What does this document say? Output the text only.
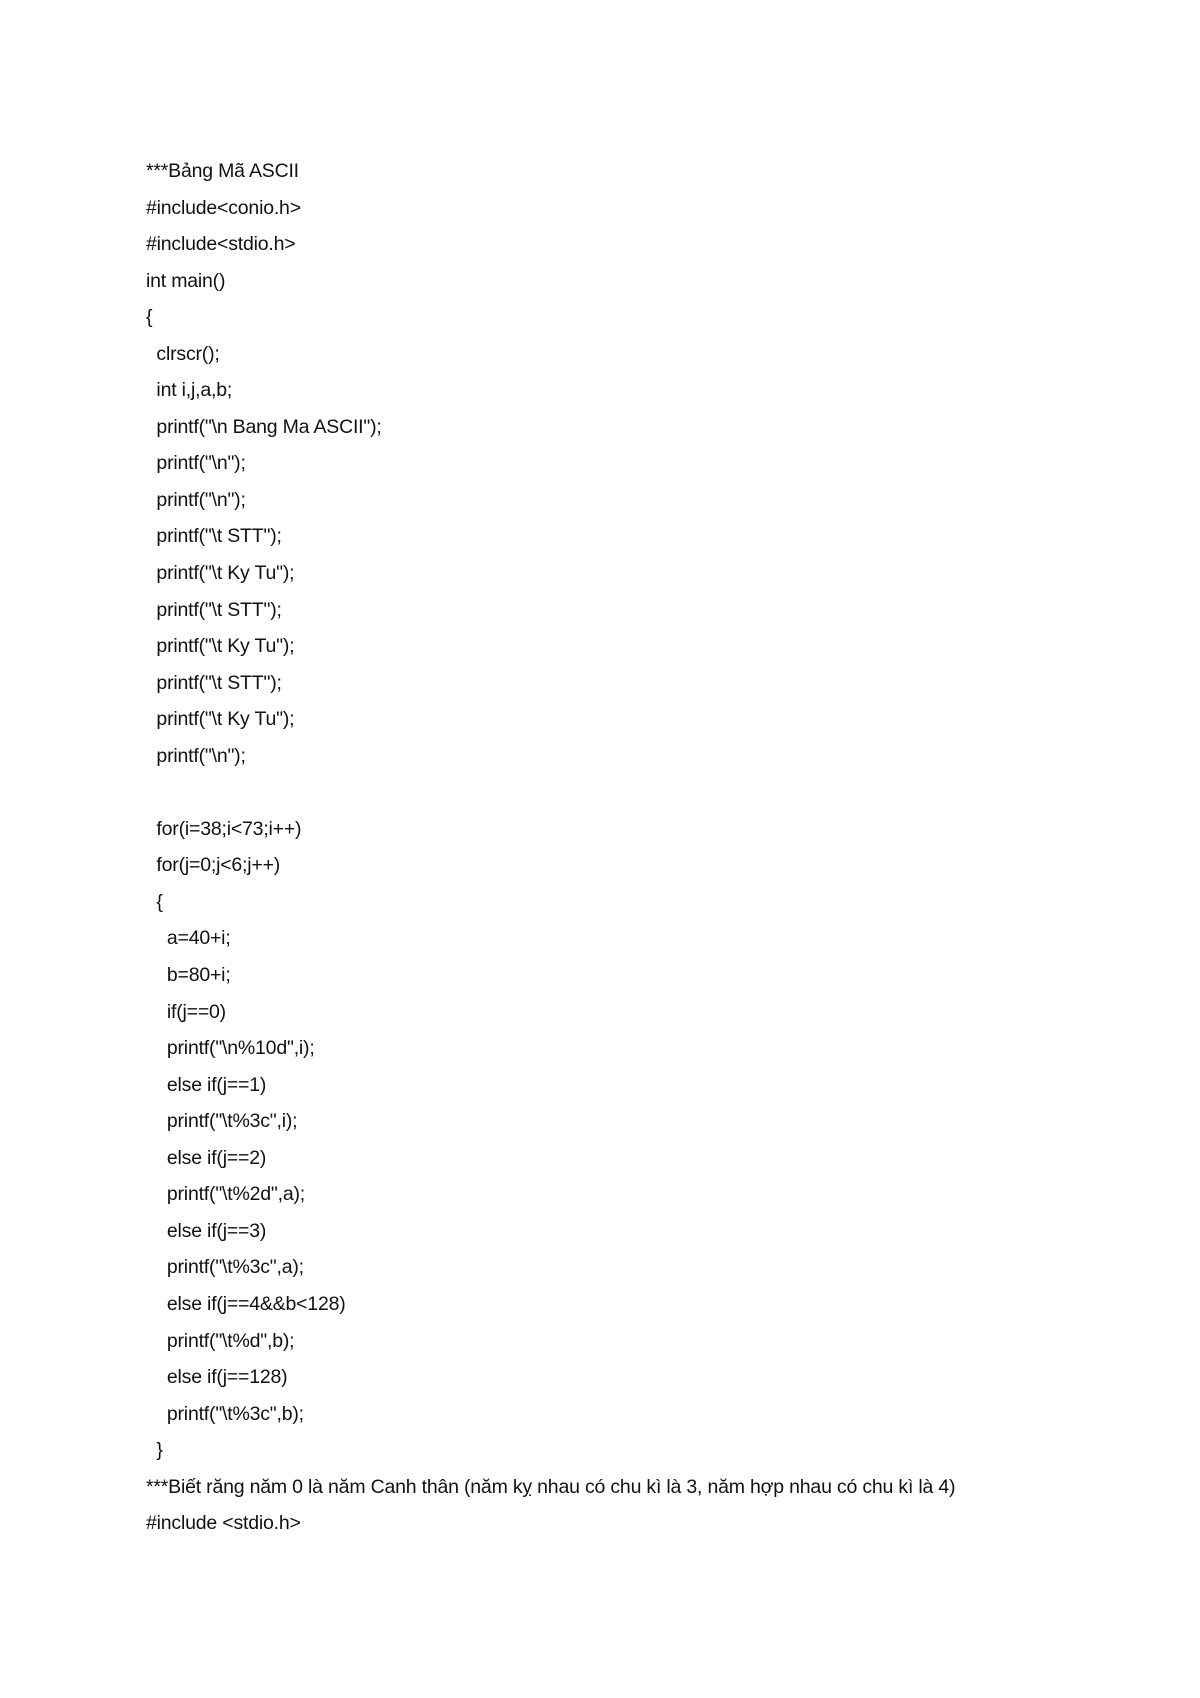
***Bảng Mã ASCII
#include<conio.h>
#include<stdio.h>
int main()
{
clrscr();
int i,j,a,b;
printf("\n Bang Ma ASCII");
printf("\n");
printf("\n");
printf("\t STT");
printf("\t Ky Tu");
printf("\t STT");
printf("\t Ky Tu");
printf("\t STT");
printf("\t Ky Tu");
printf("\n");
for(i=38;i<73;i++)
for(j=0;j<6;j++)
{
a=40+i;
b=80+i;
if(j==0)
printf("\n%10d",i);
else if(j==1)
printf("\t%3c",i);
else if(j==2)
printf("\t%2d",a);
else if(j==3)
printf("\t%3c",a);
else if(j==4&&b<128)
printf("\t%d",b);
else if(j==128)
printf("\t%3c",b);
}
***Biết răng năm 0 là năm Canh thân (năm kỵ nhau có chu kì là 3, năm hợp nhau có chu kì là 4)
#include <stdio.h>
